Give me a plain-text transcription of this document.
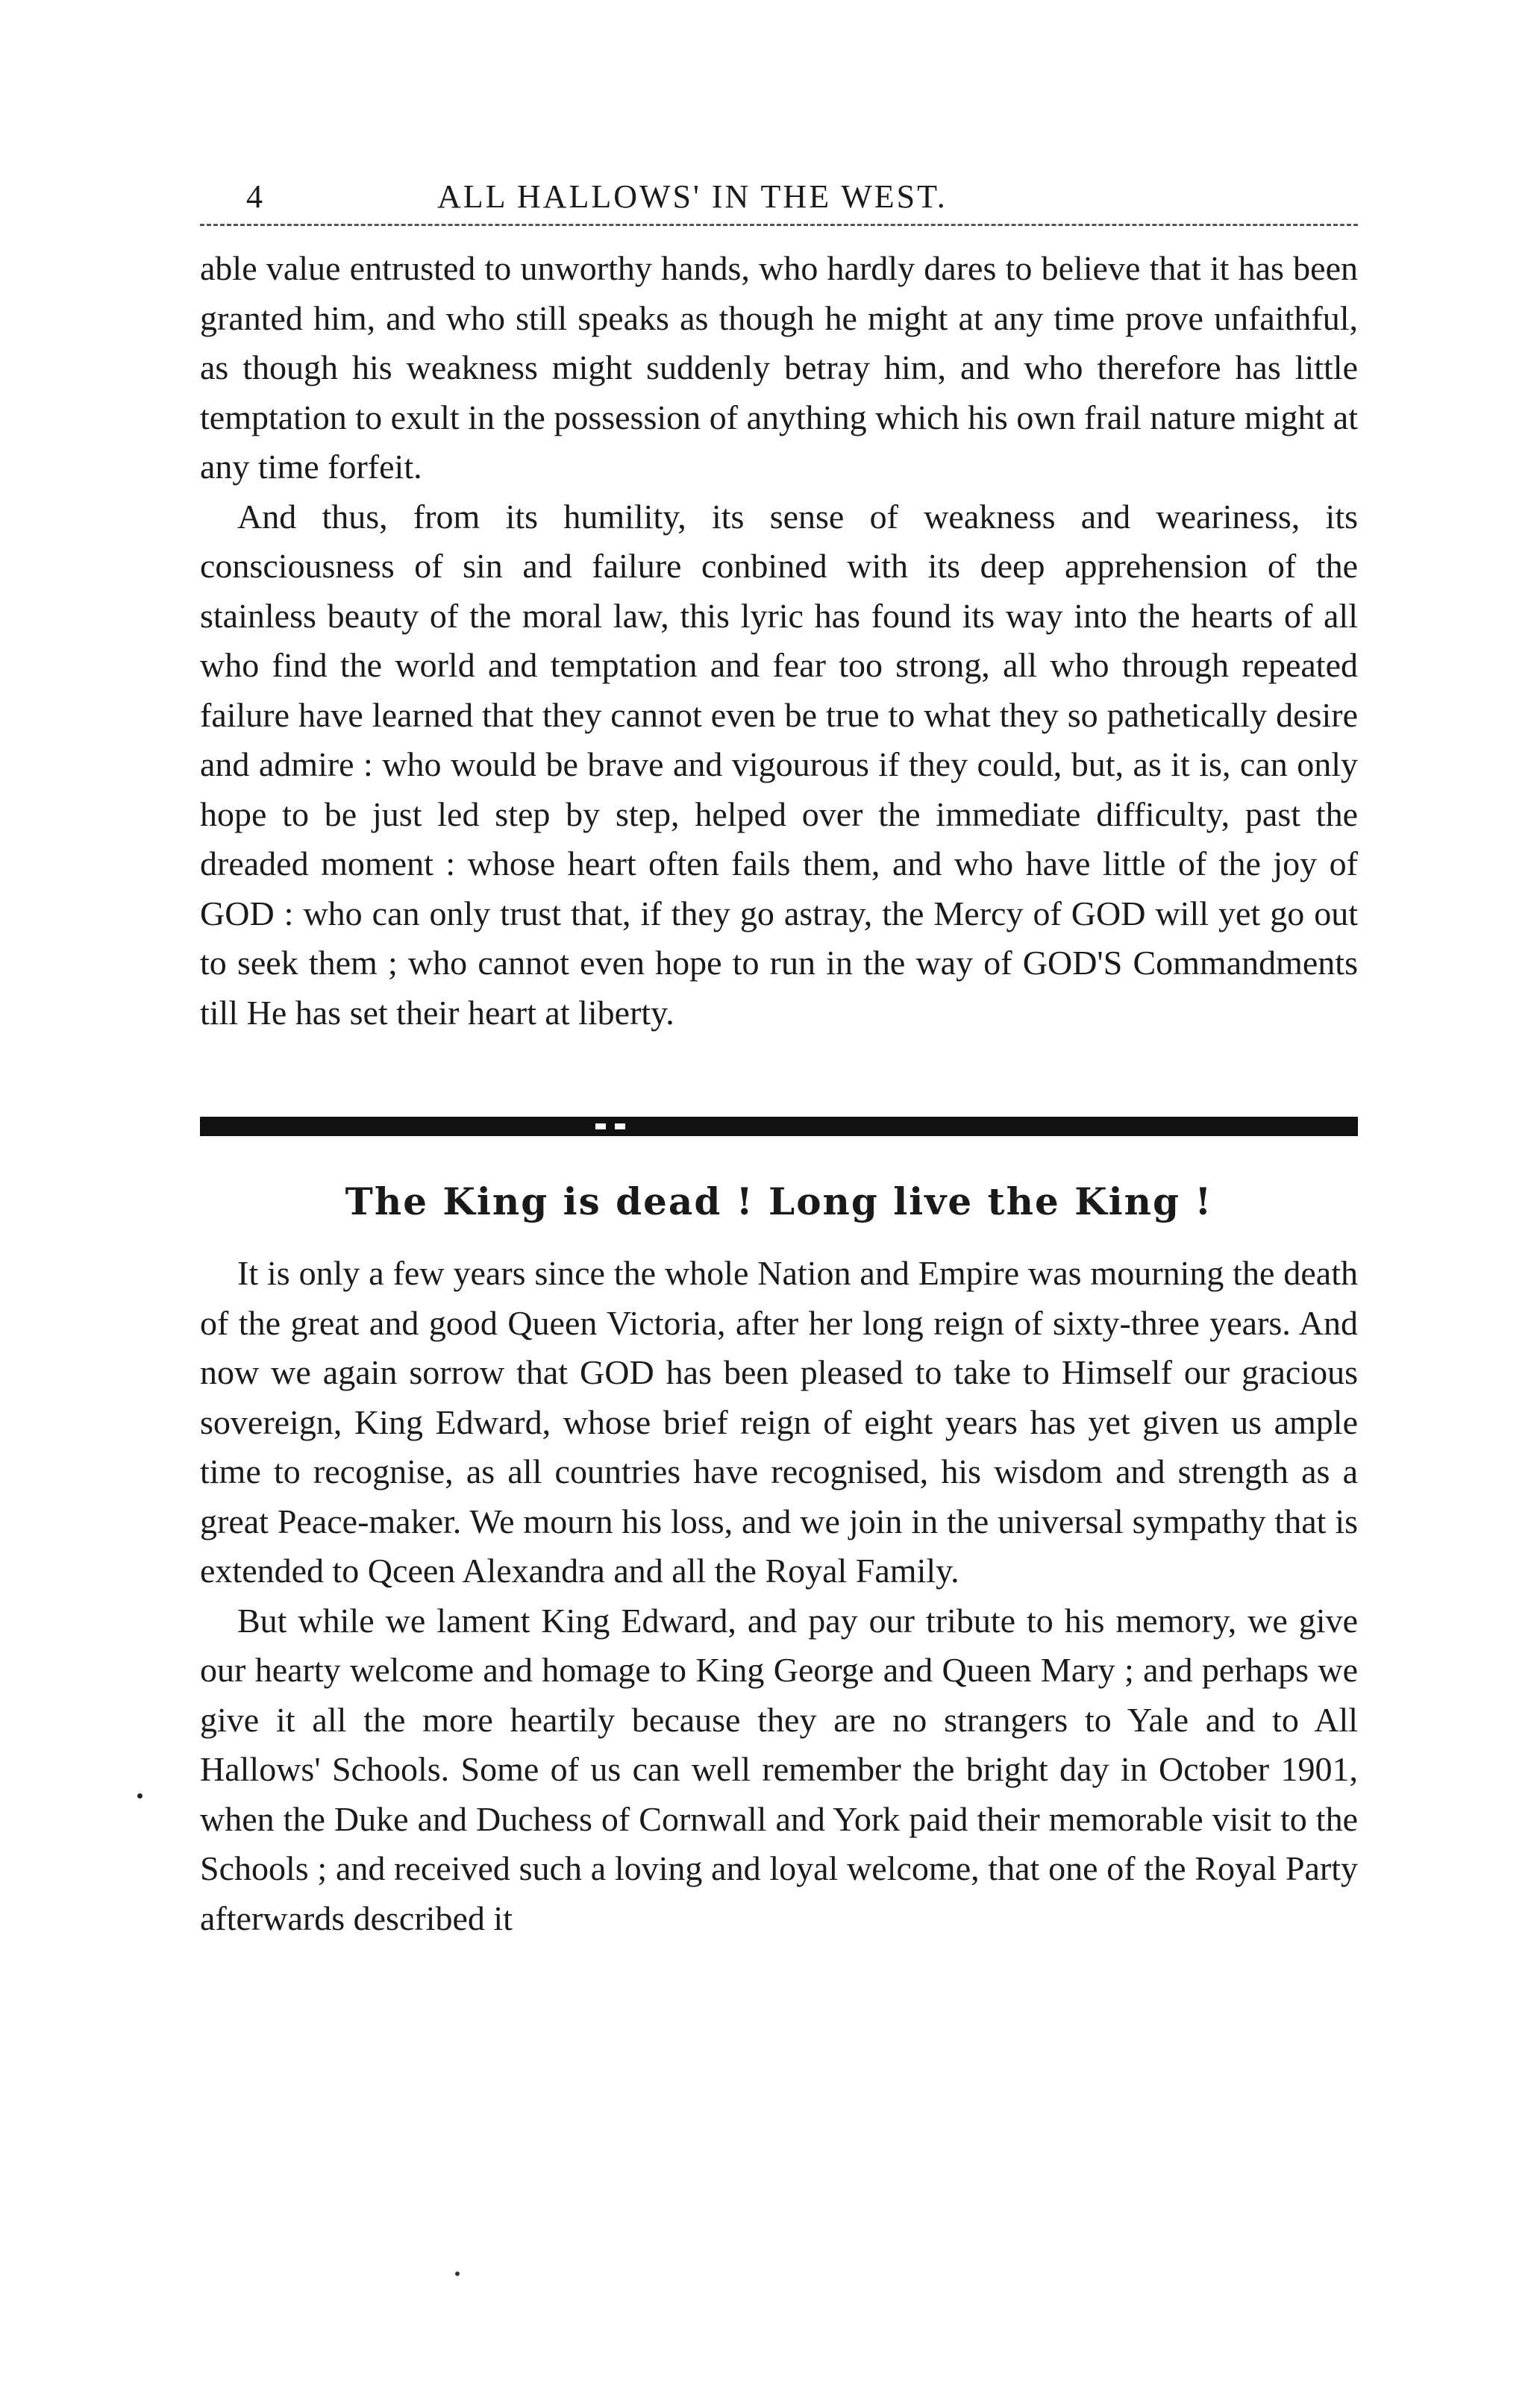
4	ALL HALLOWS' IN THE WEST.

able value entrusted to unworthy hands, who hardly dares to believe that it has been granted him, and who still speaks as though he might at any time prove unfaithful, as though his weakness might suddenly betray him, and who therefore has little temptation to exult in the possession of anything which his own frail nature might at any time forfeit.

And thus, from its humility, its sense of weakness and weariness, its consciousness of sin and failure conbined with its deep apprehension of the stainless beauty of the moral law, this lyric has found its way into the hearts of all who find the world and temptation and fear too strong, all who through repeated failure have learned that they cannot even be true to what they so pathetically desire and admire : who would be brave and vigourous if they could, but, as it is, can only hope to be just led step by step, helped over the immediate difficulty, past the dreaded moment : whose heart often fails them, and who have little of the joy of GOD : who can only trust that, if they go astray, the Mercy of GOD will yet go out to seek them ; who cannot even hope to run in the way of GOD'S Commandments till He has set their heart at liberty.

The King is dead ! Long live the King !

It is only a few years since the whole Nation and Empire was mourning the death of the great and good Queen Victoria, after her long reign of sixty-three years. And now we again sorrow that GOD has been pleased to take to Himself our gracious sovereign, King Edward, whose brief reign of eight years has yet given us ample time to recognise, as all countries have recognised, his wisdom and strength as a great Peace-maker. We mourn his loss, and we join in the universal sympathy that is extended to Qceen Alexandra and all the Royal Family.

But while we lament King Edward, and pay our tribute to his memory, we give our hearty welcome and homage to King George and Queen Mary ; and perhaps we give it all the more heartily because they are no strangers to Yale and to All Hallows' Schools. Some of us can well remember the bright day in October 1901, when the Duke and Duchess of Cornwall and York paid their memorable visit to the Schools ; and received such a loving and loyal welcome, that one of the Royal Party afterwards described it
